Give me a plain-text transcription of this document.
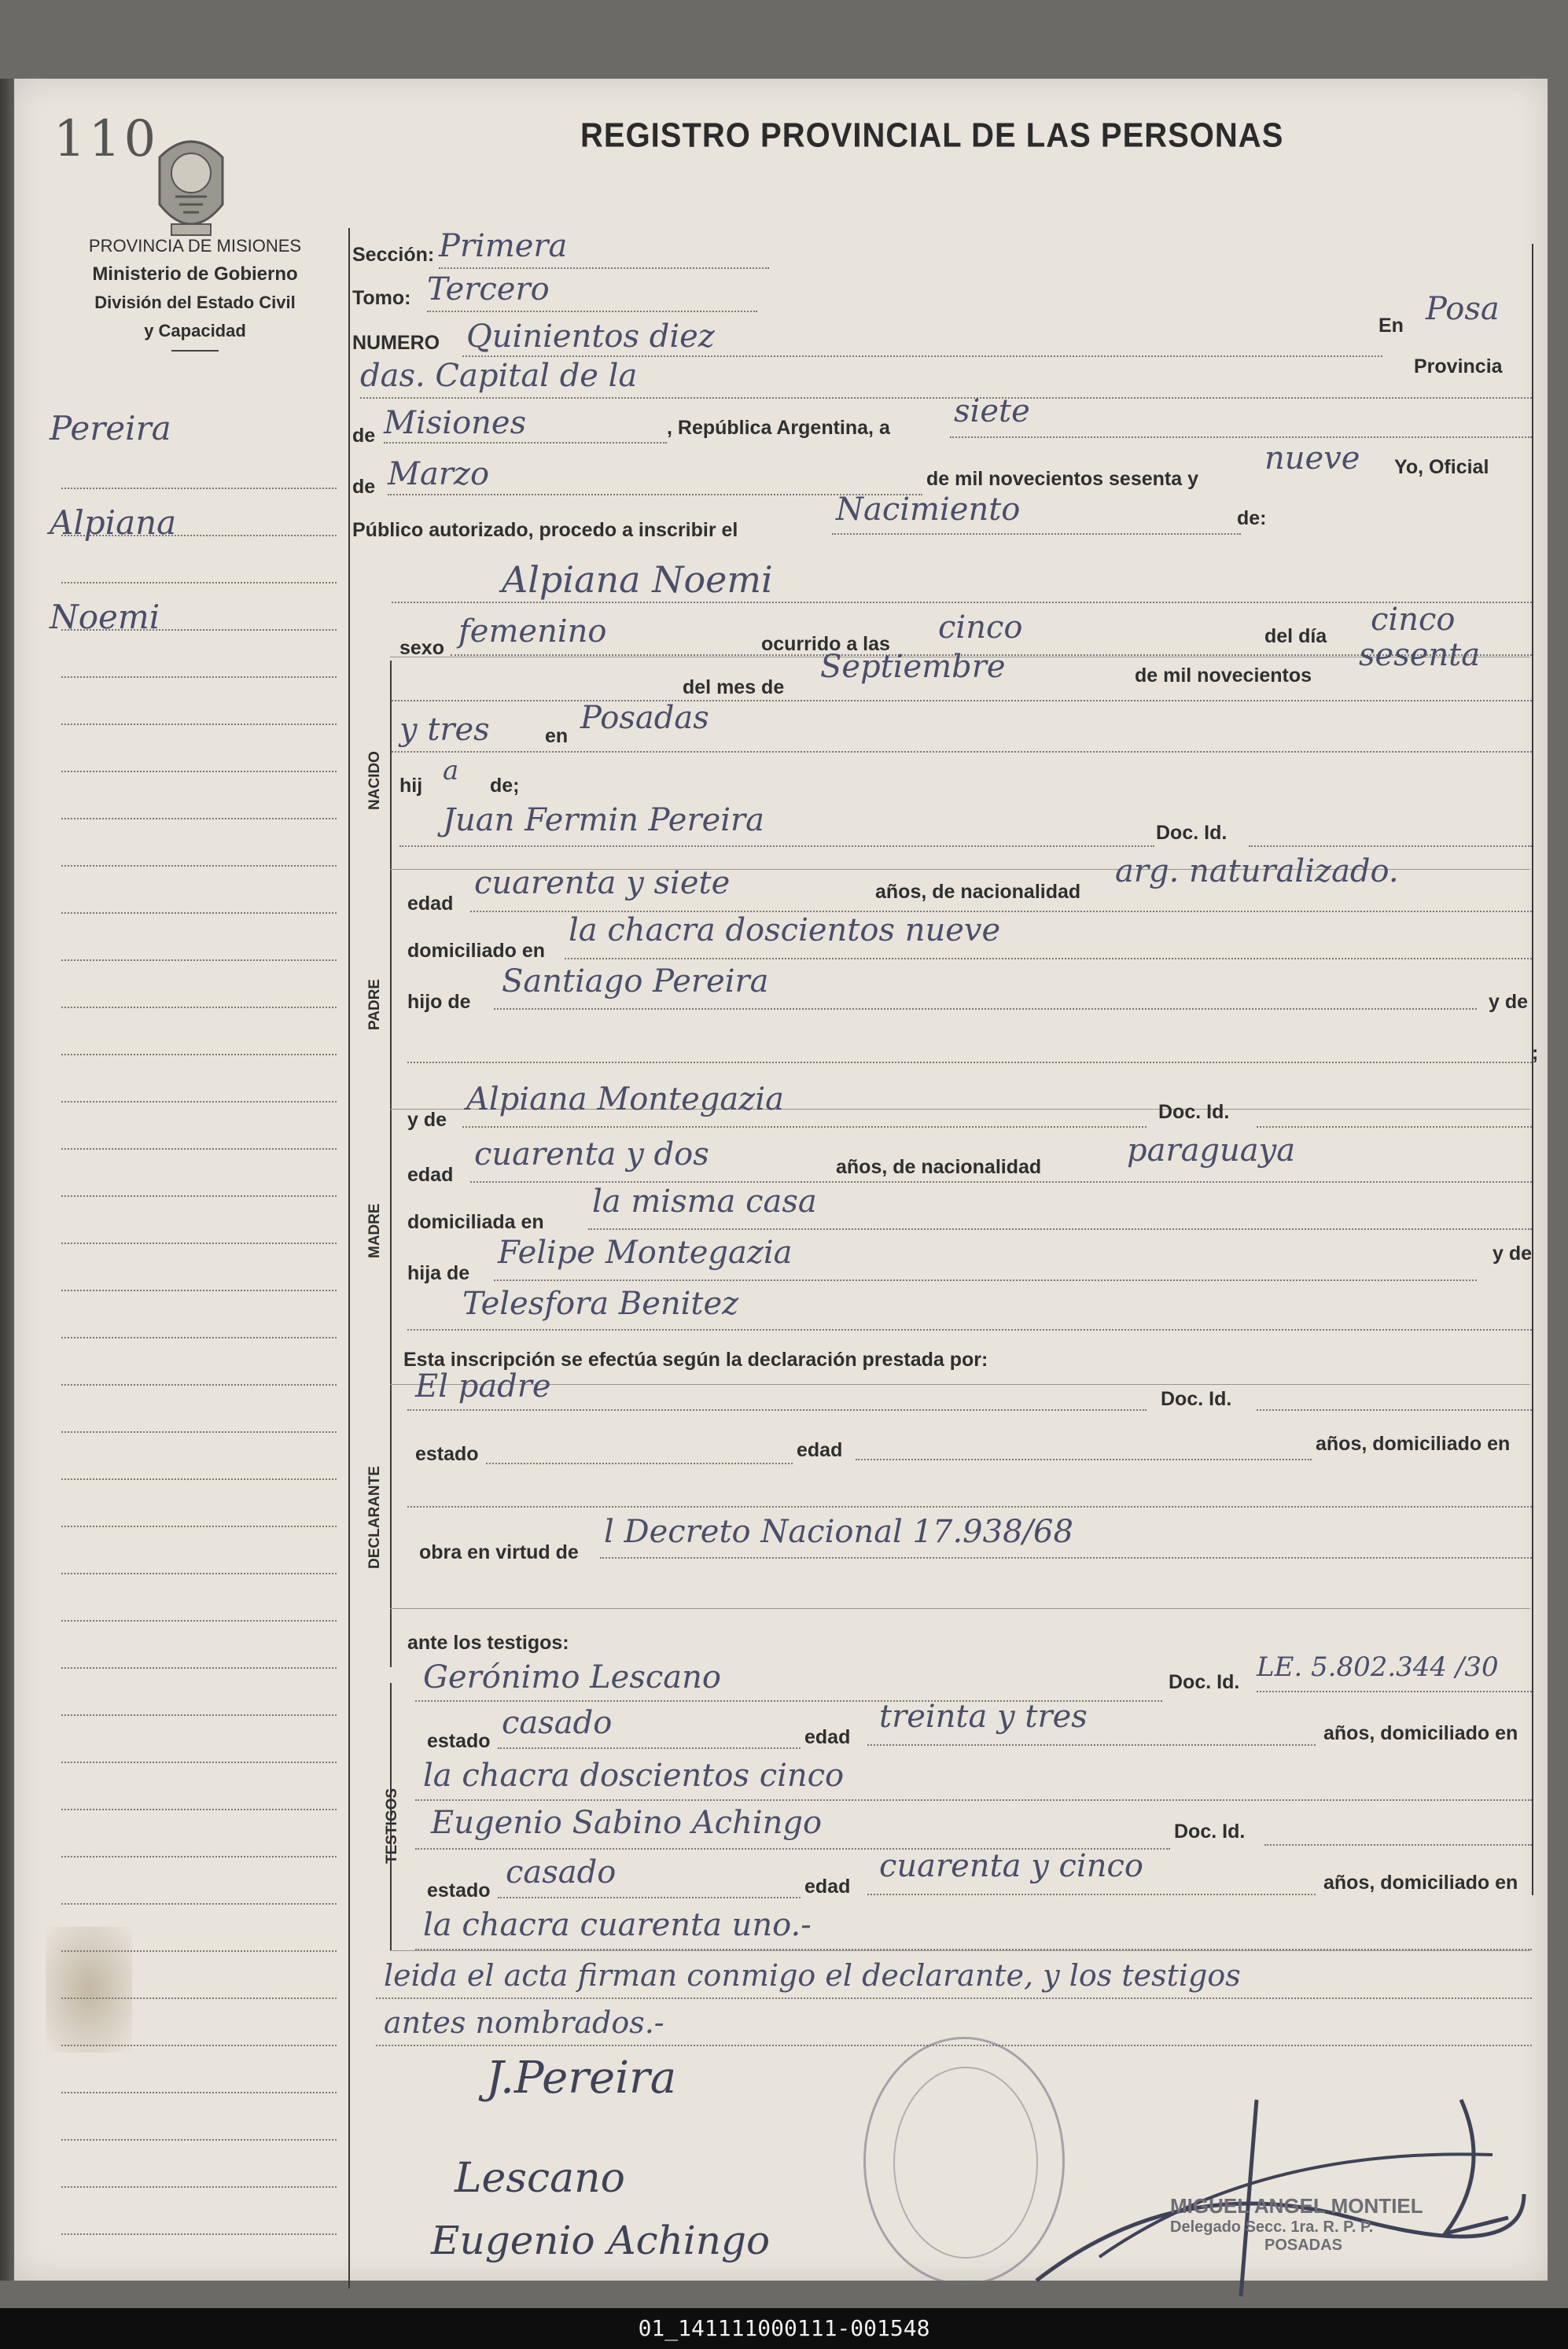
110	REGISTRO PROVINCIAL DE LAS PERSONAS
PROVINCIA DE MISIONES
Ministerio de Gobierno
División del Estado Civil
y Capacidad
Pereira
Alpiana
Noemi
Sección: Primera
Tomo: Tercero
NUMERO Quinientos diez	En Posa
Provincia
das. Capital de la
de Misiones	, República Argentina, a siete
de Marzo	de mil novecientos sesenta y
nueve Yo, Oficial
Público autorizado, procedo a inscribir el
Nacimiento	de:
Alpiana Noemi
NACIDO
sexo femenino	ocurrido a las cinco	del día cinco
del mes de
Septiembre	de mil novecientos
sesenta
y tres	en Posadas
hij a de;
PADRE
Juan Fermin Pereira	Doc. Id.
edad
cuarenta y siete	años, de nacionalidad
arg. naturalizado.
domiciliado en
la chacra doscientos nueve
hijo de
Santiago Pereira
y de
;
MADRE
y de
Alpiana Montegazia	Doc. Id.
edad
cuarenta y dos	años, de nacionalidad	paraguaya
domiciliada en
la misma casa
hija de
Felipe Montegazia	y de
Telesfora Benitez
Esta inscripción se efectúa según la declaración prestada por:
DECLARANTE
El padre	Doc. Id.
estado	edad	años, domiciliado en
obra en virtud de
l Decreto Nacional 17.938/68
ante los testigos:
TESTIGOS
Gerónimo Lescano	Doc. Id. LE. 5.802.344 /30
estado casado	edad
treinta y tres	años, domiciliado en
la chacra doscientos cinco
Eugenio Sabino Achingo	Doc. Id.
estado casado	edad
cuarenta y cinco	años, domiciliado en
la chacra cuarenta uno.-
leida el acta firman conmigo el declarante, y los testigos
antes nombrados.-
J.Pereira
Lescano
Eugenio Achingo
MIGUEL ANGEL MONTIEL
Delegado Secc. 1ra. R. P. P.
POSADAS
01_141111000111-001548
